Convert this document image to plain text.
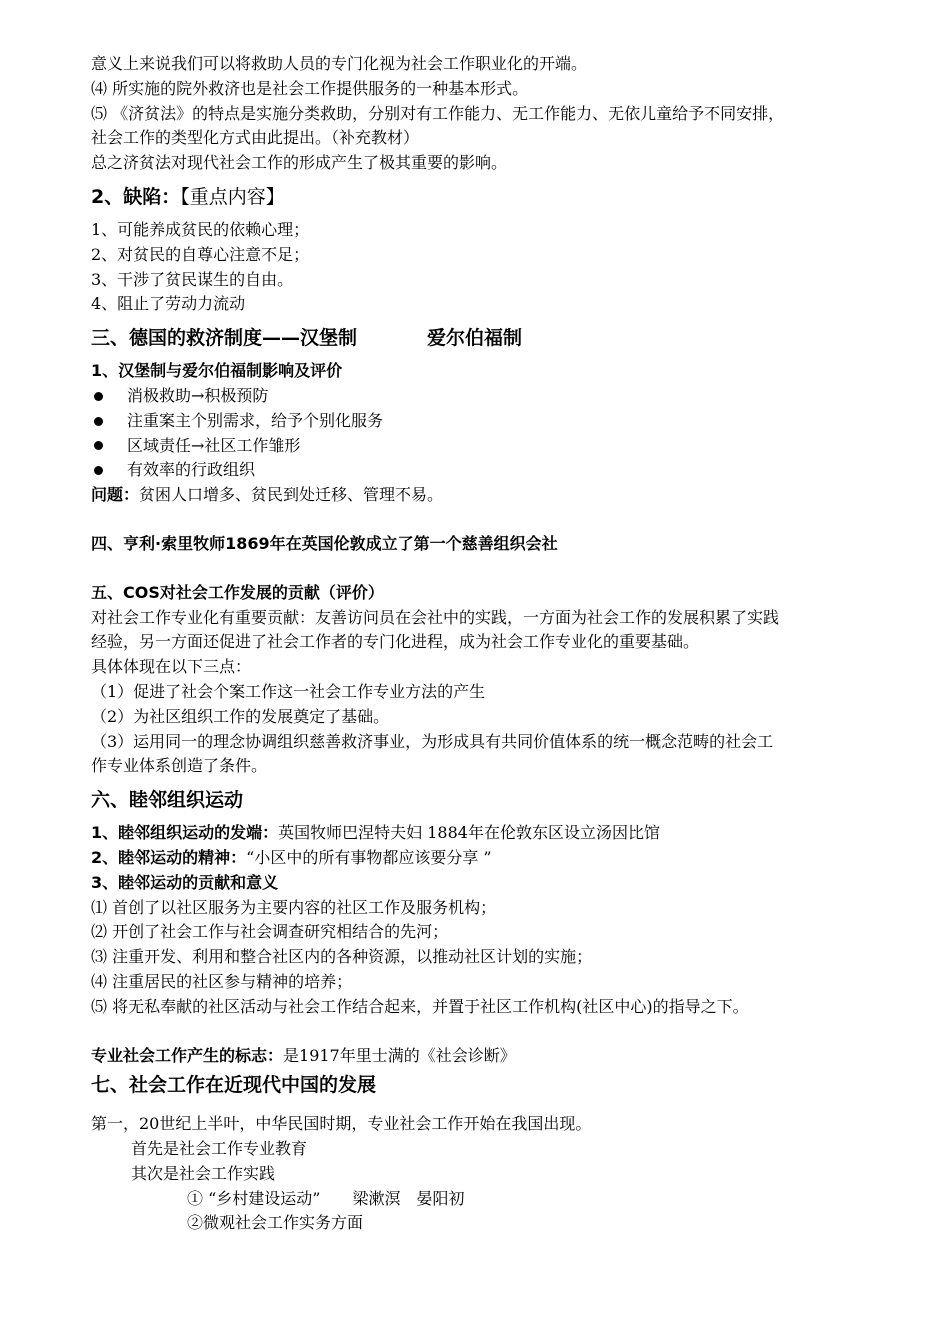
意义上来说我们可以将救助人员的专门化视为社会工作职业化的开端。
⑷ 所实施的院外救济也是社会工作提供服务的一种基本形式。
⑸ 《济贫法》的特点是实施分类救助，分别对有工作能力、无工作能力、无依儿童给予不同安排，
社会工作的类型化方式由此提出。（补充教材）
总之济贫法对现代社会工作的形成产生了极其重要的影响。
2、缺陷：【重点内容】
1、可能养成贫民的依赖心理；
2、对贫民的自尊心注意不足；
3、干涉了贫民谋生的自由。
4、阻止了劳动力流动
三、德国的救济制度——汉堡制	爱尔伯福制
1、汉堡制与爱尔伯福制影响及评价
消极救助→积极预防
注重案主个别需求，给予个别化服务
区域责任→社区工作雏形
有效率的行政组织
问题：贫困人口增多、贫民到处迁移、管理不易。
四、亨利·索里牧师1869年在英国伦敦成立了第一个慈善组织会社
五、COS对社会工作发展的贡献（评价）
对社会工作专业化有重要贡献：友善访问员在会社中的实践，一方面为社会工作的发展积累了实践
经验，另一方面还促进了社会工作者的专门化进程，成为社会工作专业化的重要基础。
具体体现在以下三点：
（1）促进了社会个案工作这一社会工作专业方法的产生
（2）为社区组织工作的发展奠定了基础。
（3）运用同一的理念协调组织慈善救济事业，为形成具有共同价值体系的统一概念范畴的社会工
作专业体系创造了条件。
六、睦邻组织运动
1、睦邻组织运动的发端：英国牧师巴涅特夫妇 1884年在伦敦东区设立汤因比馆
2、睦邻运动的精神：“小区中的所有事物都应该要分享 ”
3、睦邻运动的贡献和意义
⑴ 首创了以社区服务为主要内容的社区工作及服务机构；
⑵ 开创了社会工作与社会调查研究相结合的先河；
⑶ 注重开发、利用和整合社区内的各种资源，以推动社区计划的实施；
⑷ 注重居民的社区参与精神的培养；
⑸ 将无私奉献的社区活动与社会工作结合起来，并置于社区工作机构(社区中心)的指导之下。
专业社会工作产生的标志：是1917年里士满的《社会诊断》
七、社会工作在近现代中国的发展
第一，20世纪上半叶，中华民国时期，专业社会工作开始在我国出现。
首先是社会工作专业教育
其次是社会工作实践
① “乡村建设运动”　　梁漱溟　晏阳初
②微观社会工作实务方面
